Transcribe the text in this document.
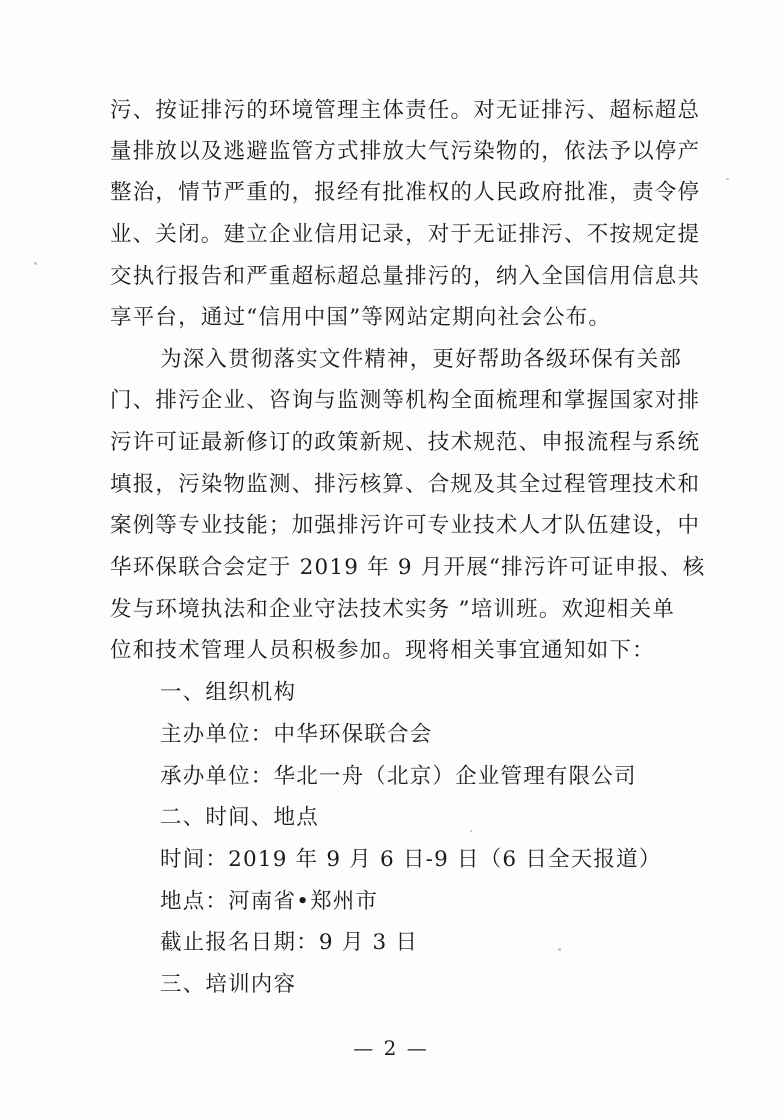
污、按证排污的环境管理主体责任。对无证排污、超标超总
量排放以及逃避监管方式排放大气污染物的，依法予以停产
整治，情节严重的，报经有批准权的人民政府批准，责令停
业、关闭。建立企业信用记录，对于无证排污、不按规定提
交执行报告和严重超标超总量排污的，纳入全国信用信息共
享平台，通过“信用中国”等网站定期向社会公布。
为深入贯彻落实文件精神，更好帮助各级环保有关部
门、排污企业、咨询与监测等机构全面梳理和掌握国家对排
污许可证最新修订的政策新规、技术规范、申报流程与系统
填报，污染物监测、排污核算、合规及其全过程管理技术和
案例等专业技能；加强排污许可专业技术人才队伍建设，中
华环保联合会定于 2019 年 9 月开展“排污许可证申报、核
发与环境执法和企业守法技术实务 ”培训班。欢迎相关单
位和技术管理人员积极参加。现将相关事宜通知如下：
一、组织机构
主办单位：中华环保联合会
承办单位：华北一舟（北京）企业管理有限公司
二、时间、地点
时间：2019 年 9 月 6 日-9 日（6 日全天报道）
地点：河南省•郑州市
截止报名日期：9 月 3 日
三、培训内容
— 2 —
